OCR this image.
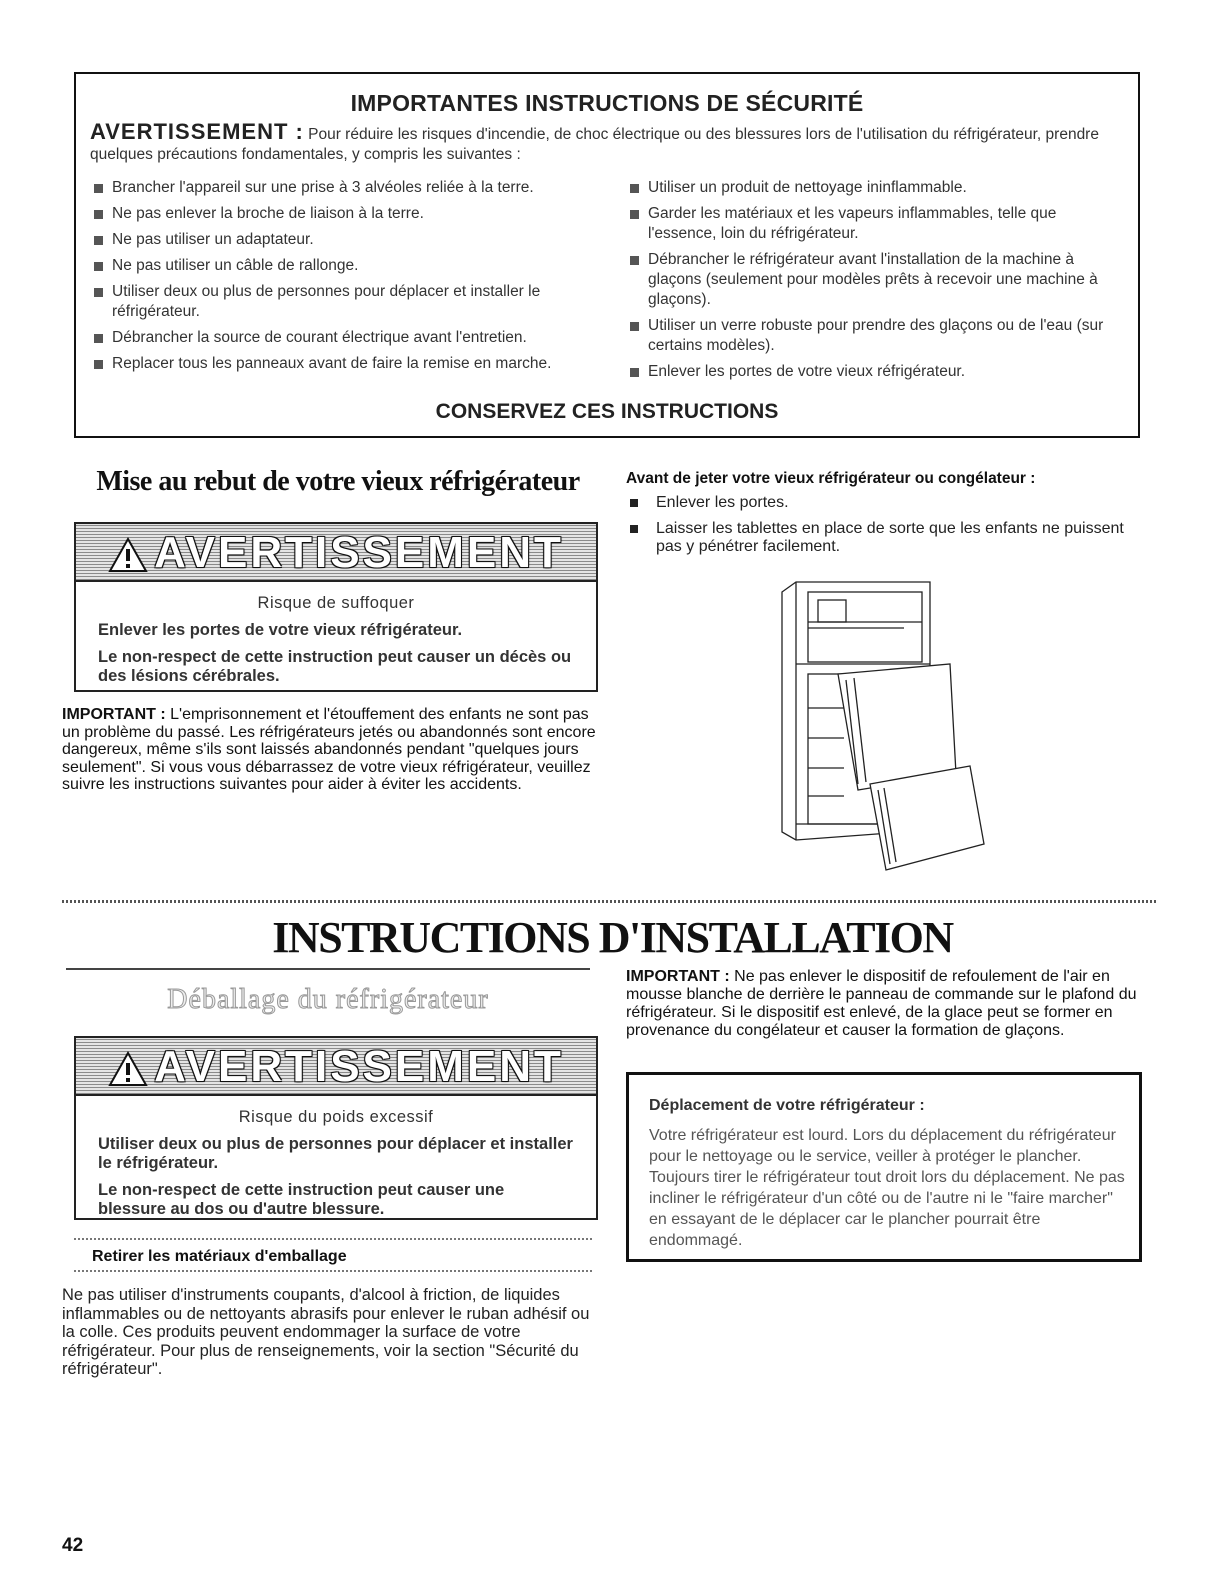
IMPORTANTES INSTRUCTIONS DE SÉCURITÉ
AVERTISSEMENT : Pour réduire les risques d'incendie, de choc électrique ou des blessures lors de l'utilisation du réfrigérateur, prendre quelques précautions fondamentales, y compris les suivantes :
Brancher l'appareil sur une prise à 3 alvéoles reliée à la terre.
Ne pas enlever la broche de liaison à la terre.
Ne pas utiliser un adaptateur.
Ne pas utiliser un câble de rallonge.
Utiliser deux ou plus de personnes pour déplacer et installer le réfrigérateur.
Débrancher la source de courant électrique avant l'entretien.
Replacer tous les panneaux avant de faire la remise en marche.
Utiliser un produit de nettoyage ininflammable.
Garder les matériaux et les vapeurs inflammables, telle que l'essence, loin du réfrigérateur.
Débrancher le réfrigérateur avant l'installation de la machine à glaçons (seulement pour modèles prêts à recevoir une machine à glaçons).
Utiliser un verre robuste pour prendre des glaçons ou de l'eau (sur certains modèles).
Enlever les portes de votre vieux réfrigérateur.
CONSERVEZ CES INSTRUCTIONS
Mise au rebut de votre vieux réfrigérateur
AVERTISSEMENT
Risque de suffoquer
Enlever les portes de votre vieux réfrigérateur.
Le non-respect de cette instruction peut causer un décès ou des lésions cérébrales.
IMPORTANT : L'emprisonnement et l'étouffement des enfants ne sont pas un problème du passé. Les réfrigérateurs jetés ou abandonnés sont encore dangereux, même s'ils sont laissés abandonnés pendant "quelques jours seulement". Si vous vous débarrassez de votre vieux réfrigérateur, veuillez suivre les instructions suivantes pour aider à éviter les accidents.
Avant de jeter votre vieux réfrigérateur ou congélateur :
Enlever les portes.
Laisser les tablettes en place de sorte que les enfants ne puissent pas y pénétrer facilement.
INSTRUCTIONS D'INSTALLATION
Déballage du réfrigérateur
AVERTISSEMENT
Risque du poids excessif
Utiliser deux ou plus de personnes pour déplacer et installer le réfrigérateur.
Le non-respect de cette instruction peut causer une blessure au dos ou d'autre blessure.
Retirer les matériaux d'emballage
Ne pas utiliser d'instruments coupants, d'alcool à friction, de liquides inflammables ou de nettoyants abrasifs pour enlever le ruban adhésif ou la colle. Ces produits peuvent endommager la surface de votre réfrigérateur. Pour plus de renseignements, voir la section "Sécurité du réfrigérateur".
IMPORTANT : Ne pas enlever le dispositif de refoulement de l'air en mousse blanche de derrière le panneau de commande sur le plafond du réfrigérateur. Si le dispositif est enlevé, de la glace peut se former en provenance du congélateur et causer la formation de glaçons.
Déplacement de votre réfrigérateur :
Votre réfrigérateur est lourd. Lors du déplacement du réfrigérateur pour le nettoyage ou le service, veiller à protéger le plancher. Toujours tirer le réfrigérateur tout droit lors du déplacement. Ne pas incliner le réfrigérateur d'un côté ou de l'autre ni le "faire marcher" en essayant de le déplacer car le plancher pourrait être endommagé.
42
